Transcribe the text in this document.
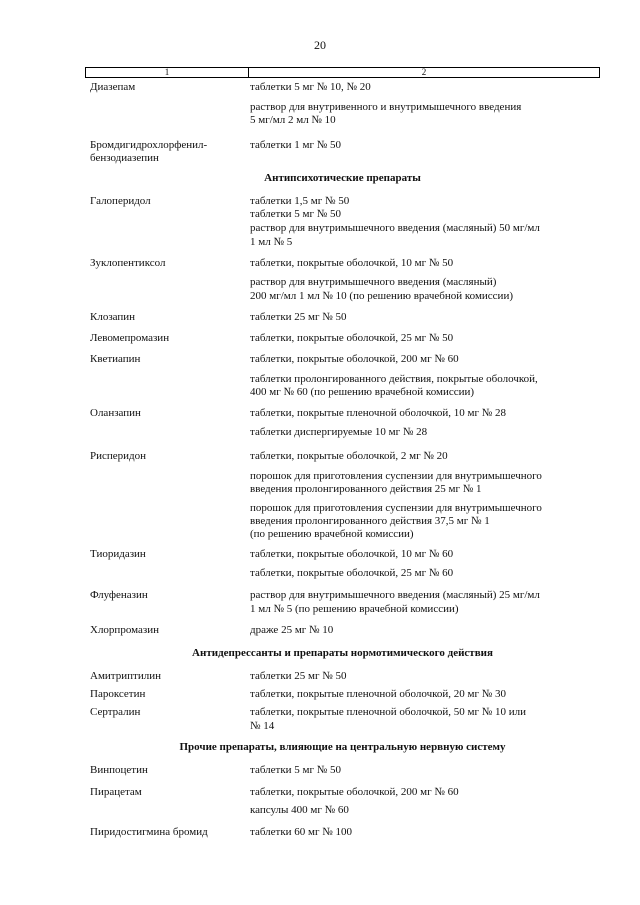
20
1	2
Диазепам	таблетки 5 мг № 10, № 20
раствор для внутривенного и внутримышечного введения
5 мг/мл 2 мл № 10
Бромдигидрохлорфенил-
бензодиазепин
таблетки 1 мг № 50
Антипсихотические препараты
Галоперидол	таблетки 1,5 мг № 50
таблетки 5 мг № 50
раствор для внутримышечного введения (масляный) 50 мг/мл
1 мл № 5
Зуклопентиксол	таблетки, покрытые оболочкой, 10 мг № 50
раствор для внутримышечного введения (масляный)
200 мг/мл 1 мл № 10 (по решению врачебной комиссии)
Клозапин	таблетки 25 мг № 50
Левомепромазин	таблетки, покрытые оболочкой, 25 мг № 50
Кветиапин	таблетки, покрытые оболочкой, 200 мг № 60
таблетки пролонгированного действия, покрытые оболочкой,
400 мг № 60 (по решению врачебной комиссии)
Оланзапин	таблетки, покрытые пленочной оболочкой, 10 мг № 28
таблетки диспергируемые 10 мг № 28
Рисперидон	таблетки, покрытые оболочкой, 2 мг № 20
порошок для приготовления суспензии для внутримышечного
введения пролонгированного действия 25 мг № 1
порошок для приготовления суспензии для внутримышечного
введения пролонгированного действия 37,5 мг № 1
(по решению врачебной комиссии)
Тиоридазин	таблетки, покрытые оболочкой, 10 мг № 60
таблетки, покрытые оболочкой, 25 мг № 60
Флуфеназин	раствор для внутримышечного введения (масляный) 25 мг/мл
1 мл № 5 (по решению врачебной комиссии)
Хлорпромазин	драже 25 мг № 10
Антидепрессанты и препараты нормотимического действия
Амитриптилин	таблетки 25 мг № 50
Пароксетин	таблетки, покрытые пленочной оболочкой, 20 мг № 30
Сертралин	таблетки, покрытые пленочной оболочкой, 50 мг № 10 или
№ 14
Прочие препараты, влияющие на центральную нервную систему
Винпоцетин	таблетки 5 мг № 50
Пирацетам	таблетки, покрытые оболочкой, 200 мг № 60
капсулы 400 мг № 60
Пиридостигмина бромид	таблетки 60 мг № 100
